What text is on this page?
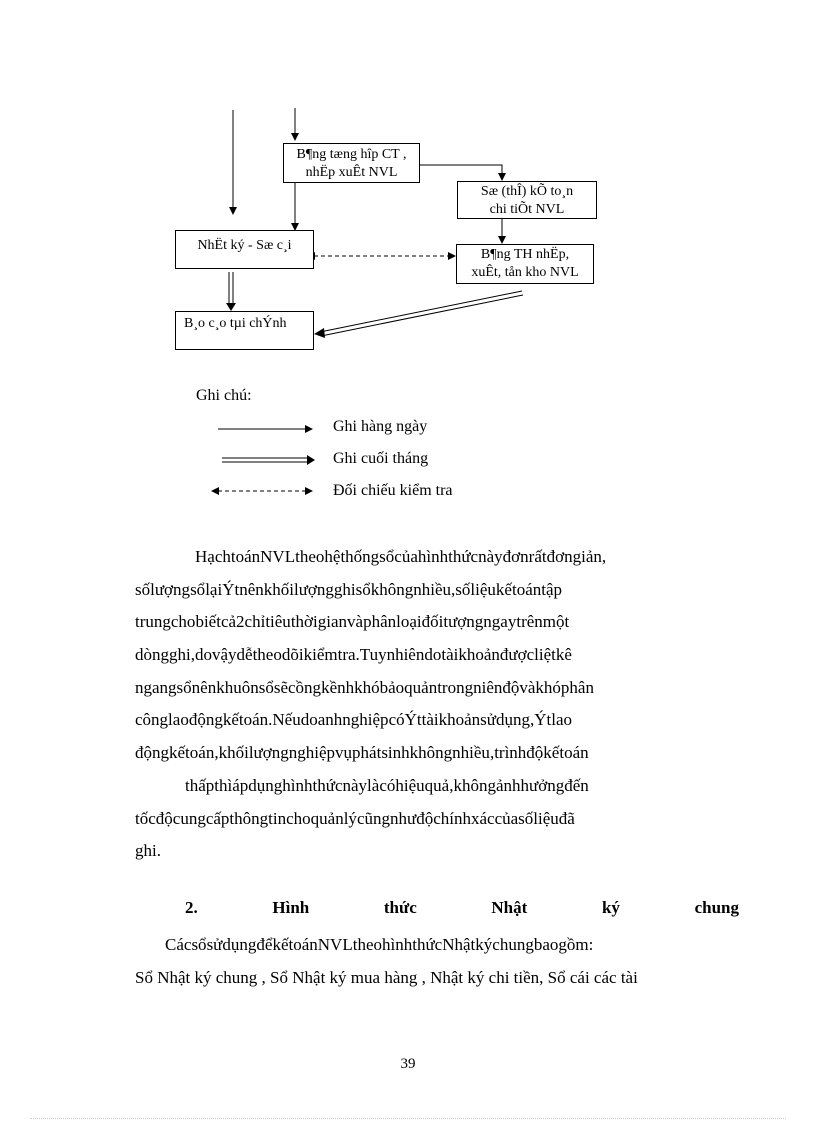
B¶ng tæng hîp CT ,
nhËp xuÊt NVL
Sæ (thÎ) kÕ to¸n
chi tiÕt NVL
NhËt ký - Sæ c¸i
B¶ng TH nhËp,
xuÊt, tån kho NVL
B¸o c¸o tµi chÝnh
Ghi chú:
Ghi hàng ngày
Ghi cuối tháng
Đối chiếu kiểm tra
HạchtoánNVLtheohệthốngsổcủahìnhthứcnàyđơnrấtđơngiản,
sốlượngsổlạiÝtnênkhốilượngghisổkhôngnhiều,sốliệukếtoántập
trungchobiếtcả2chỉtiêuthờigianvàphânloạiđốitượngngaytrênmột
dòngghi,dovậydễtheodõikiểmtra.Tuynhiêndotàikhoảnđượcliệtkê
ngangsổnênkhuônsổsẽcồngkềnhkhóbảoquảntrongniênđộvàkhóphân
cônglaođộngkếtoán.NếudoanhnghiệpcóÝttàikhoảnsửdụng,Ýtlao
độngkếtoán,khốilượngnghiệpvụphátsinhkhôngnhiều,trìnhđộkếtoán
thấpthìápdụnghìnhthứcnàylàcóhiệuquả,khôngảnhhưởngđến
tốcđộcungcấpthôngtinchoquảnlýcũngnhưđộchínhxáccủasốliệuđã
ghi.
2.	Hình	thức	Nhật	ký	chung
CácsổsửdụngđểkếtoánNVLtheohìnhthứcNhậtkýchungbaogồm:
Sổ Nhật ký chung , Sổ Nhật ký mua hàng , Nhật ký chi tiền, Sổ cái các tài
39
